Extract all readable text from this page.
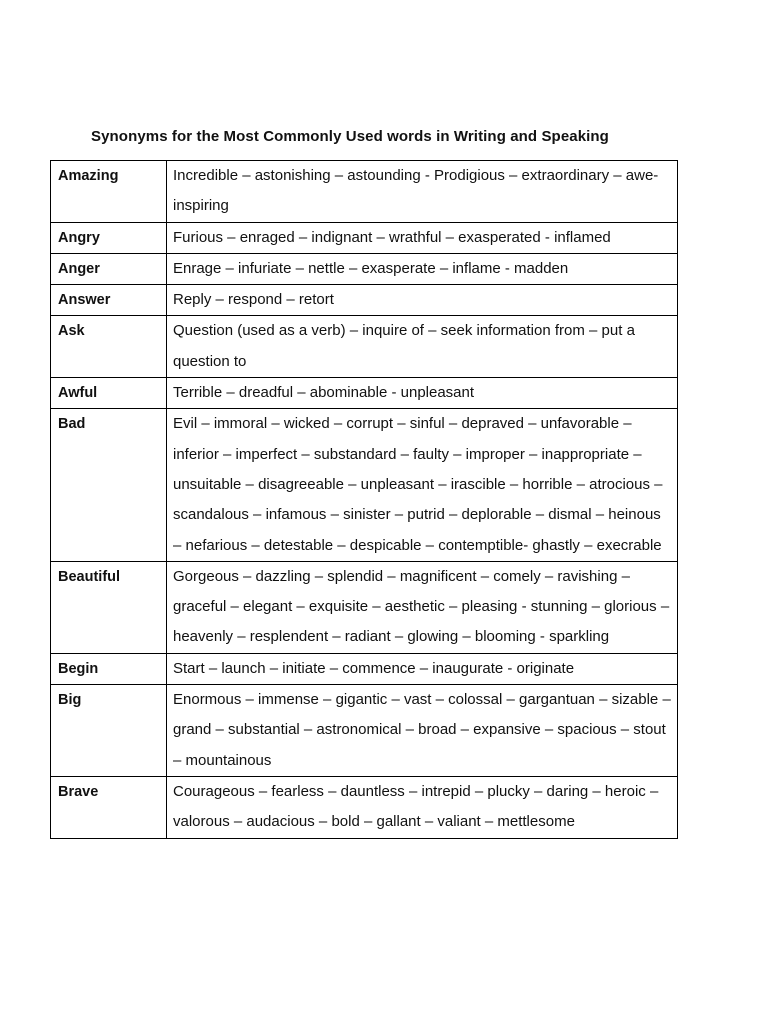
Synonyms for the Most Commonly Used words in Writing and Speaking
Amazing	Incredible – astonishing – astounding - Prodigious – extraordinary – awe-inspiring
Angry	Furious – enraged – indignant – wrathful – exasperated - inflamed
Anger	Enrage – infuriate – nettle – exasperate – inflame - madden
Answer	Reply – respond – retort
Ask	Question (used as a verb) – inquire of – seek information from – put a question to
Awful	Terrible – dreadful – abominable - unpleasant
Bad	Evil – immoral – wicked – corrupt – sinful – depraved – unfavorable – inferior – imperfect – substandard – faulty – improper – inappropriate – unsuitable – disagreeable – unpleasant – irascible – horrible – atrocious – scandalous – infamous – sinister – putrid – deplorable – dismal – heinous – nefarious – detestable – despicable – contemptible- ghastly – execrable
Beautiful	Gorgeous – dazzling – splendid – magnificent – comely – ravishing – graceful – elegant – exquisite – aesthetic – pleasing - stunning – glorious – heavenly – resplendent – radiant – glowing – blooming - sparkling
Begin	Start – launch – initiate – commence – inaugurate - originate
Big	Enormous – immense – gigantic – vast – colossal – gargantuan – sizable – grand – substantial – astronomical – broad – expansive – spacious – stout – mountainous
Brave	Courageous – fearless – dauntless – intrepid – plucky – daring – heroic – valorous – audacious – bold – gallant – valiant – mettlesome
